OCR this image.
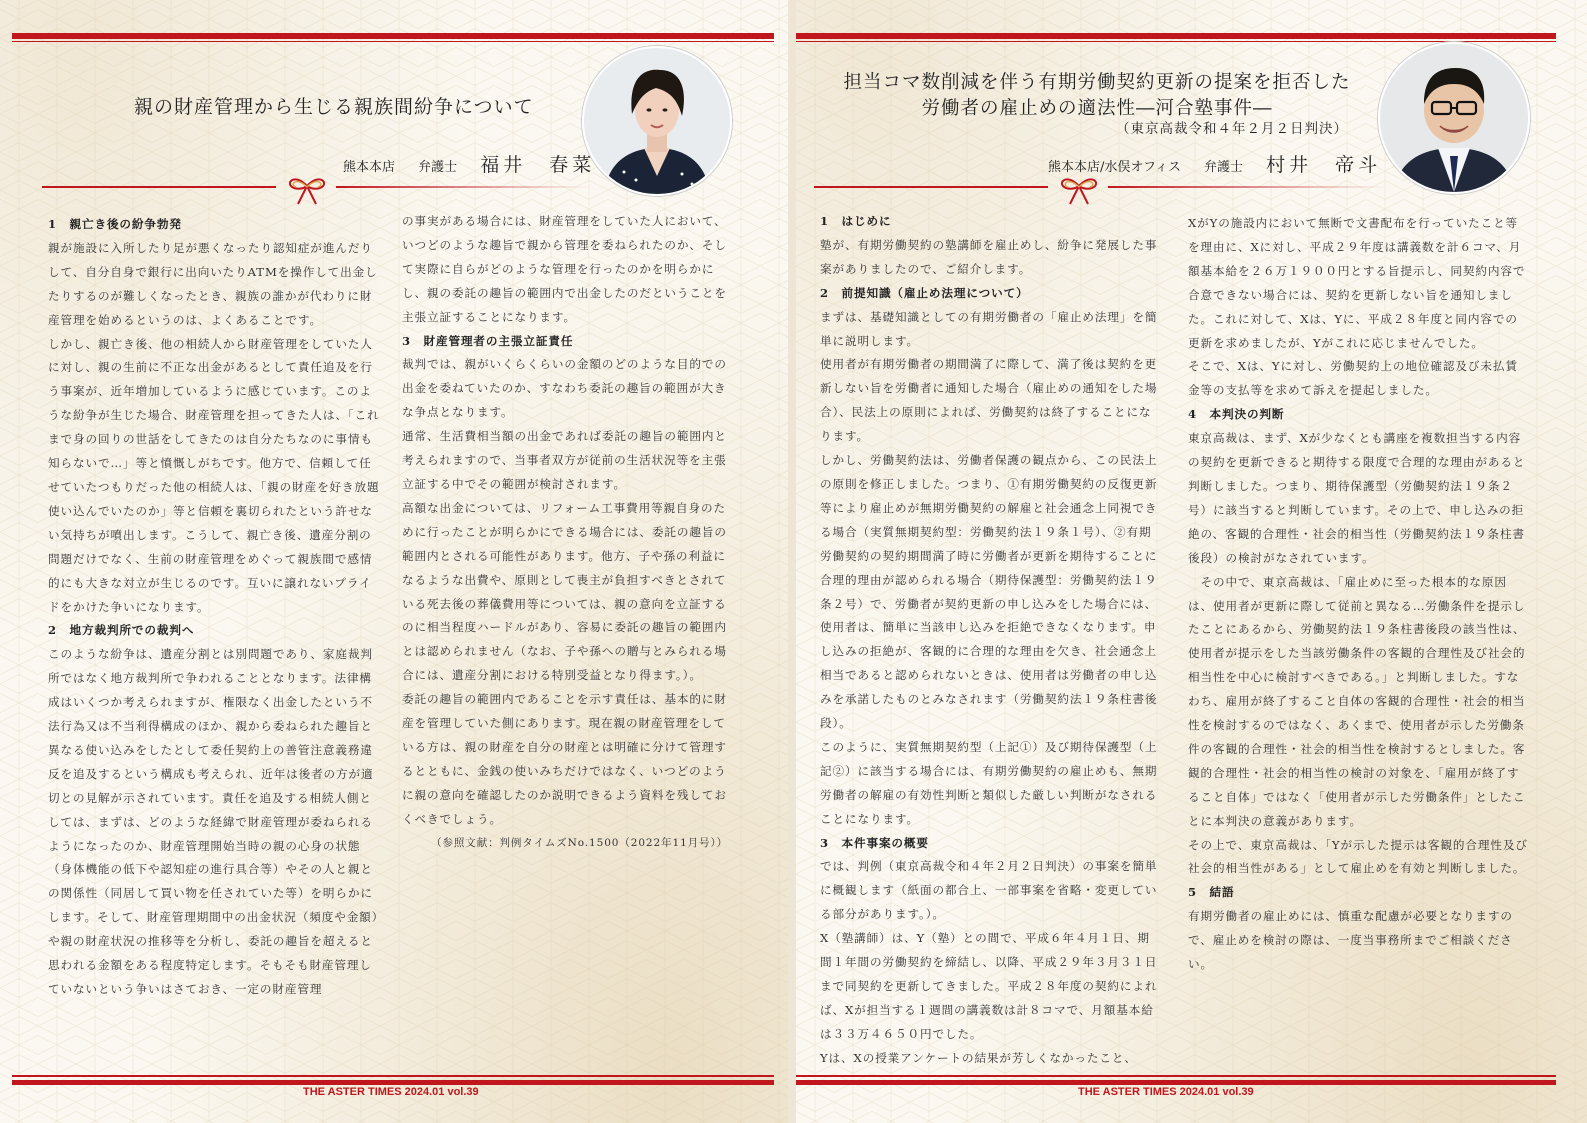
親の財産管理から生じる親族間紛争について
熊本本店 弁護士 福井　春菜
1　親亡き後の紛争勃発

親が施設に入所したり足が悪くなったり認知症が進んだりして、自分自身で銀行に出向いたりATMを操作して出金したりするのが難しくなったとき、親族の誰かが代わりに財産管理を始めるというのは、よくあることです。

しかし、親亡き後、他の相続人から財産管理をしていた人に対し、親の生前に不正な出金があるとして責任追及を行う事案が、近年増加しているように感じています。このような紛争が生じた場合、財産管理を担ってきた人は、「これまで身の回りの世話をしてきたのは自分たちなのに事情も知らないで…」等と憤慨しがちです。他方で、信頼して任せていたつもりだった他の相続人は、「親の財産を好き放題使い込んでいたのか」等と信頼を裏切られたという許せない気持ちが噴出します。こうして、親亡き後、遺産分割の問題だけでなく、生前の財産管理をめぐって親族間で感情的にも大きな対立が生じるのです。互いに譲れないプライドをかけた争いになります。

2　地方裁判所での裁判へ

このような紛争は、遺産分割とは別問題であり、家庭裁判所ではなく地方裁判所で争われることとなります。法律構成はいくつか考えられますが、権限なく出金したという不法行為又は不当利得構成のほか、親から委ねられた趣旨と異なる使い込みをしたとして委任契約上の善管注意義務違反を追及するという構成も考えられ、近年は後者の方が適切との見解が示されています。責任を追及する相続人側としては、まずは、どのような経緯で財産管理が委ねられるようになったのか、財産管理開始当時の親の心身の状態（身体機能の低下や認知症の進行具合等）やその人と親との関係性（同居して買い物を任されていた等）を明らかにします。そして、財産管理期間中の出金状況（頻度や金額）や親の財産状況の推移等を分析し、委託の趣旨を超えると思われる金額をある程度特定します。そもそも財産管理していないという争いはさておき、一定の財産管理

の事実がある場合には、財産管理をしていた人において、いつどのような趣旨で親から管理を委ねられたのか、そして実際に自らがどのような管理を行ったのかを明らかにし、親の委託の趣旨の範囲内で出金したのだということを主張立証することになります。

3　財産管理者の主張立証責任

裁判では、親がいくらくらいの金額のどのような目的での出金を委ねていたのか、すなわち委託の趣旨の範囲が大きな争点となります。

通常、生活費相当額の出金であれば委託の趣旨の範囲内と考えられますので、当事者双方が従前の生活状況等を主張立証する中でその範囲が検討されます。

高額な出金については、リフォーム工事費用等親自身のために行ったことが明らかにできる場合には、委託の趣旨の範囲内とされる可能性があります。他方、子や孫の利益になるような出費や、原則として喪主が負担すべきとされている死去後の葬儀費用等については、親の意向を立証するのに相当程度ハードルがあり、容易に委託の趣旨の範囲内とは認められません（なお、子や孫への贈与とみられる場合には、遺産分割における特別受益となり得ます。）。

委託の趣旨の範囲内であることを示す責任は、基本的に財産を管理していた側にあります。現在親の財産管理をしている方は、親の財産を自分の財産とは明確に分けて管理するとともに、金銭の使いみちだけではなく、いつどのように親の意向を確認したのか説明できるよう資料を残しておくべきでしょう。

（参照文献：判例タイムズNo.1500（2022年11月号））

THE ASTER TIMES 2024.01 vol.39
担当コマ数削減を伴う有期労働契約更新の提案を拒否した
労働者の雇止めの適法性―河合塾事件―
（東京高裁令和４年２月２日判決）
熊本本店/水俣オフィス 弁護士 村井　帝斗
1　はじめに

塾が、有期労働契約の塾講師を雇止めし、紛争に発展した事案がありましたので、ご紹介します。

2　前提知識（雇止め法理について）

まずは、基礎知識としての有期労働者の「雇止め法理」を簡単に説明します。

使用者が有期労働者の期間満了に際して、満了後は契約を更新しない旨を労働者に通知した場合（雇止めの通知をした場合）、民法上の原則によれば、労働契約は終了することになります。

しかし、労働契約法は、労働者保護の観点から、この民法上の原則を修正しました。つまり、①有期労働契約の反復更新等により雇止めが無期労働契約の解雇と社会通念上同視できる場合（実質無期契約型：労働契約法１９条１号）、②有期労働契約の契約期間満了時に労働者が更新を期待することに合理的理由が認められる場合（期待保護型：労働契約法１９条２号）で、労働者が契約更新の申し込みをした場合には、使用者は、簡単に当該申し込みを拒絶できなくなります。申し込みの拒絶が、客観的に合理的な理由を欠き、社会通念上相当であると認められないときは、使用者は労働者の申し込みを承諾したものとみなされます（労働契約法１９条柱書後段）。

このように、実質無期契約型（上記①）及び期待保護型（上記②）に該当する場合には、有期労働契約の雇止めも、無期労働者の解雇の有効性判断と類似した厳しい判断がなされることになります。

3　本件事案の概要

では、判例（東京高裁令和４年２月２日判決）の事案を簡単に概観します（紙面の都合上、一部事案を省略・変更している部分があります。）。

X（塾講師）は、Y（塾）との間で、平成６年４月１日、期間１年間の労働契約を締結し、以降、平成２９年３月３１日まで同契約を更新してきました。平成２８年度の契約によれば、Xが担当する１週間の講義数は計８コマで、月額基本給は３３万４６５０円でした。

Yは、Xの授業アンケートの結果が芳しくなかったこと、

XがYの施設内において無断で文書配布を行っていたこと等を理由に、Xに対し、平成２９年度は講義数を計６コマ、月額基本給を２６万１９００円とする旨提示し、同契約内容で合意できない場合には、契約を更新しない旨を通知しました。これに対して、Xは、Yに、平成２８年度と同内容での更新を求めましたが、Yがこれに応じませんでした。

そこで、Xは、Yに対し、労働契約上の地位確認及び未払賃金等の支払等を求めて訴えを提起しました。

4　本判決の判断

東京高裁は、まず、Xが少なくとも講座を複数担当する内容の契約を更新できると期待する限度で合理的な理由があると判断しました。つまり、期待保護型（労働契約法１９条２号）に該当すると判断しています。その上で、申し込みの拒絶の、客観的合理性・社会的相当性（労働契約法１９条柱書後段）の検討がなされています。

　その中で、東京高裁は、「雇止めに至った根本的な原因は、使用者が更新に際して従前と異なる…労働条件を提示したことにあるから、労働契約法１９条柱書後段の該当性は、使用者が提示をした当該労働条件の客観的合理性及び社会的相当性を中心に検討すべきである。」と判断しました。すなわち、雇用が終了すること自体の客観的合理性・社会的相当性を検討するのではなく、あくまで、使用者が示した労働条件の客観的合理性・社会的相当性を検討するとしました。客観的合理性・社会的相当性の検討の対象を、「雇用が終了すること自体」ではなく「使用者が示した労働条件」としたことに本判決の意義があります。

その上で、東京高裁は、「Yが示した提示は客観的合理性及び社会的相当性がある」として雇止めを有効と判断しました。

5　結語

有期労働者の雇止めには、慎重な配慮が必要となりますので、雇止めを検討の際は、一度当事務所までご相談ください。

THE ASTER TIMES 2024.01 vol.39
